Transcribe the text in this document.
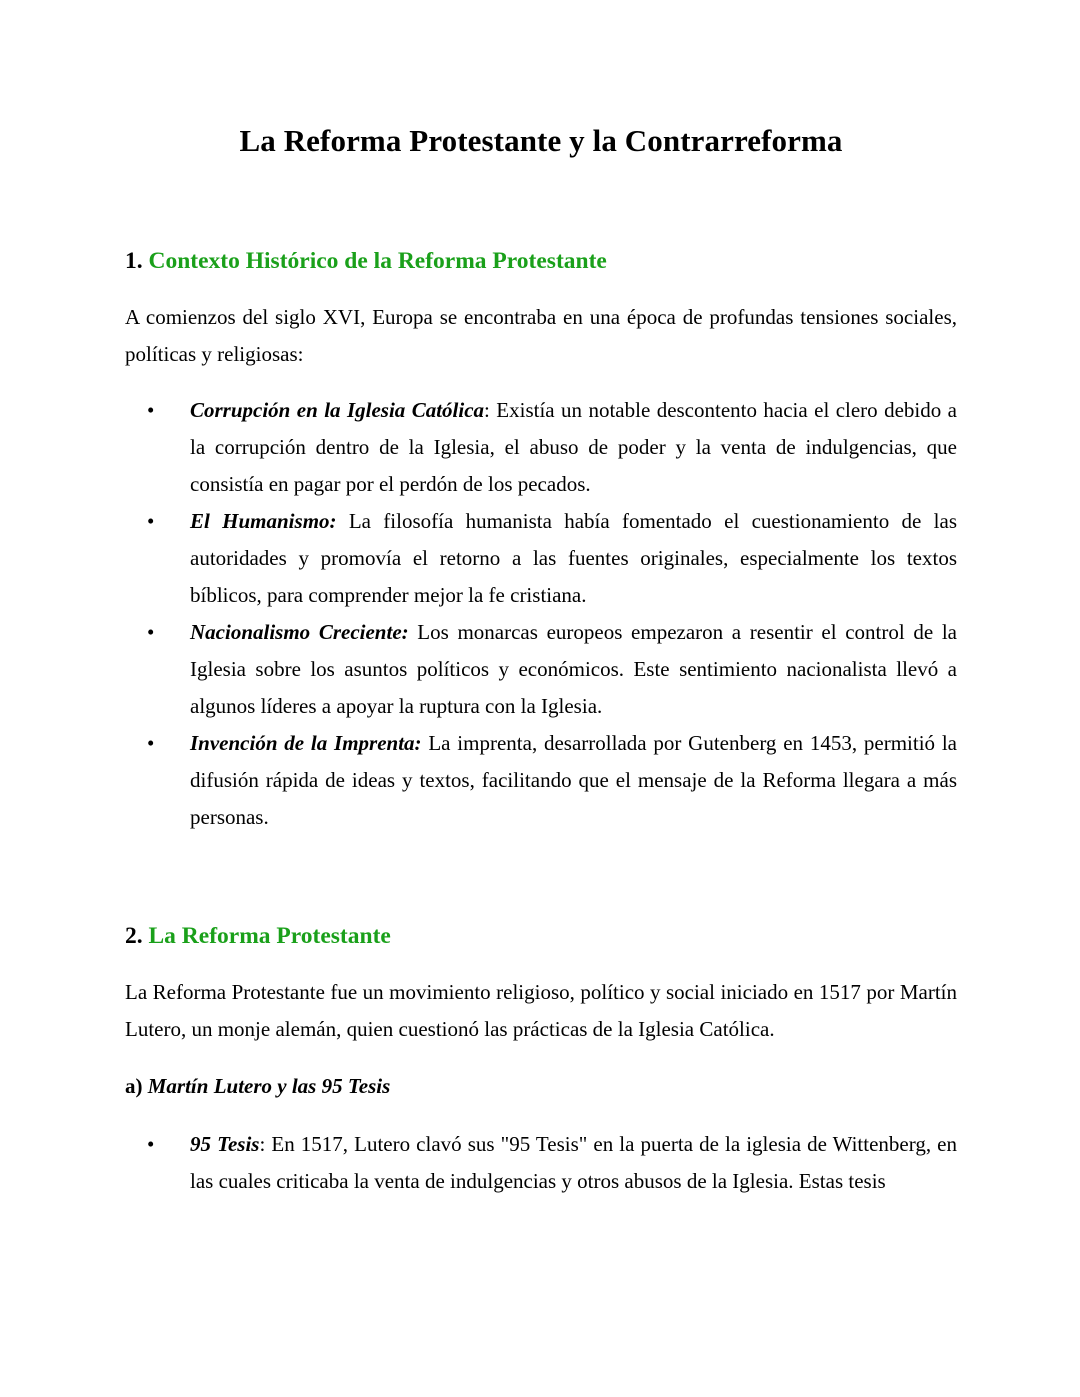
La Reforma Protestante y la Contrarreforma
1. Contexto Histórico de la Reforma Protestante

A comienzos del siglo XVI, Europa se encontraba en una época de profundas tensiones sociales, políticas y religiosas:

• Corrupción en la Iglesia Católica: Existía un notable descontento hacia el clero debido a la corrupción dentro de la Iglesia, el abuso de poder y la venta de indulgencias, que consistía en pagar por el perdón de los pecados.
• El Humanismo: La filosofía humanista había fomentado el cuestionamiento de las autoridades y promovía el retorno a las fuentes originales, especialmente los textos bíblicos, para comprender mejor la fe cristiana.
• Nacionalismo Creciente: Los monarcas europeos empezaron a resentir el control de la Iglesia sobre los asuntos políticos y económicos. Este sentimiento nacionalista llevó a algunos líderes a apoyar la ruptura con la Iglesia.
• Invención de la Imprenta: La imprenta, desarrollada por Gutenberg en 1453, permitió la difusión rápida de ideas y textos, facilitando que el mensaje de la Reforma llegara a más personas.
2. La Reforma Protestante

La Reforma Protestante fue un movimiento religioso, político y social iniciado en 1517 por Martín Lutero, un monje alemán, quien cuestionó las prácticas de la Iglesia Católica.

a) Martín Lutero y las 95 Tesis

• 95 Tesis: En 1517, Lutero clavó sus "95 Tesis" en la puerta de la iglesia de Wittenberg, en las cuales criticaba la venta de indulgencias y otros abusos de la Iglesia. Estas tesis
